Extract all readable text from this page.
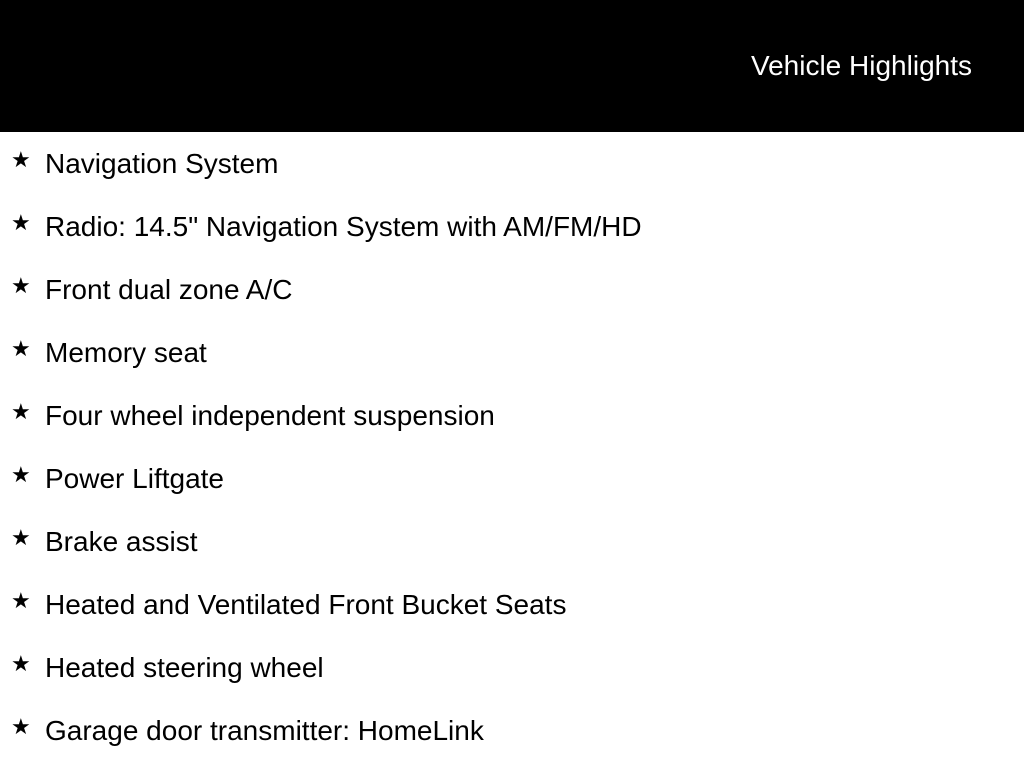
Vehicle Highlights
★ Navigation System
★ Radio: 14.5" Navigation System with AM/FM/HD
★ Front dual zone A/C
★ Memory seat
★ Four wheel independent suspension
★ Power Liftgate
★ Brake assist
★ Heated and Ventilated Front Bucket Seats
★ Heated steering wheel
★ Garage door transmitter: HomeLink
